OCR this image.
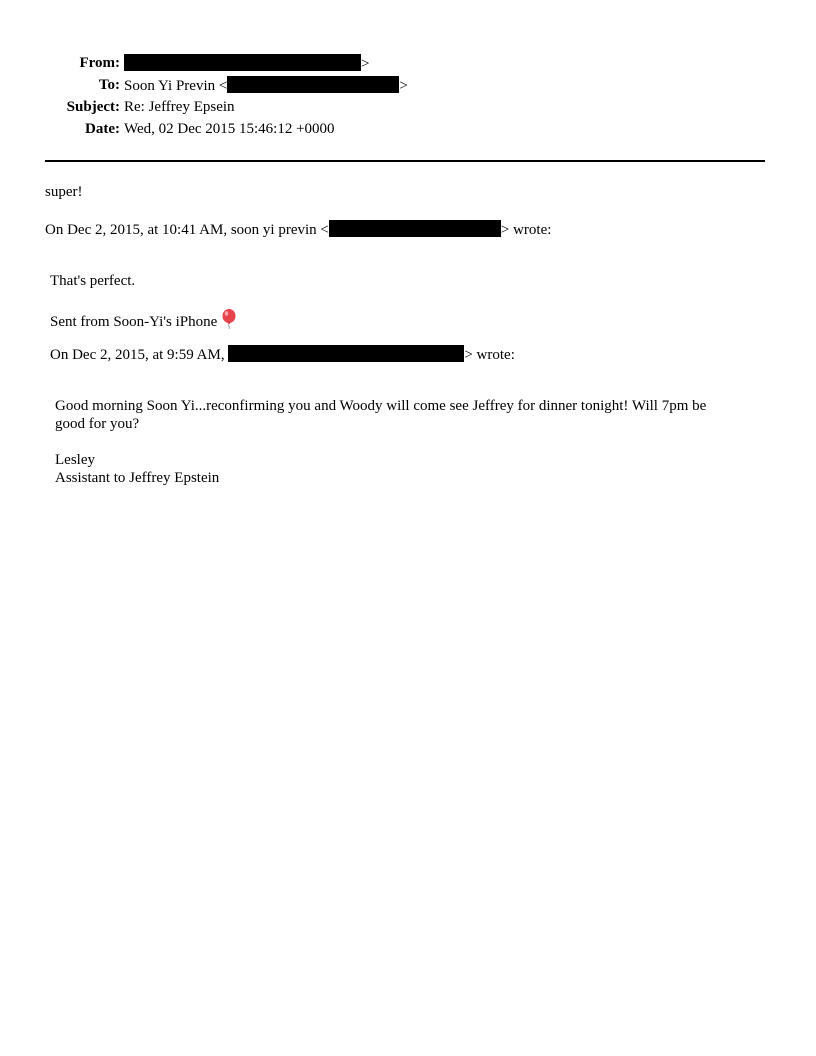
From:	>
To: Soon Yi Previn <	>
Subject: Re: Jeffrey Epsein
Date: Wed, 02 Dec 2015 15:46:12 +0000
super!
On Dec 2, 2015, at 10:41 AM, soon yi previn <	> wrote:
That's perfect.
Sent from Soon-Yi's iPhone
On Dec 2, 2015, at 9:59 AM,	> wrote:
Good morning Soon Yi...reconfirming you and Woody will come see Jeffrey for dinner tonight! Will 7pm be
good for you?
Lesley
Assistant to Jeffrey Epstein
